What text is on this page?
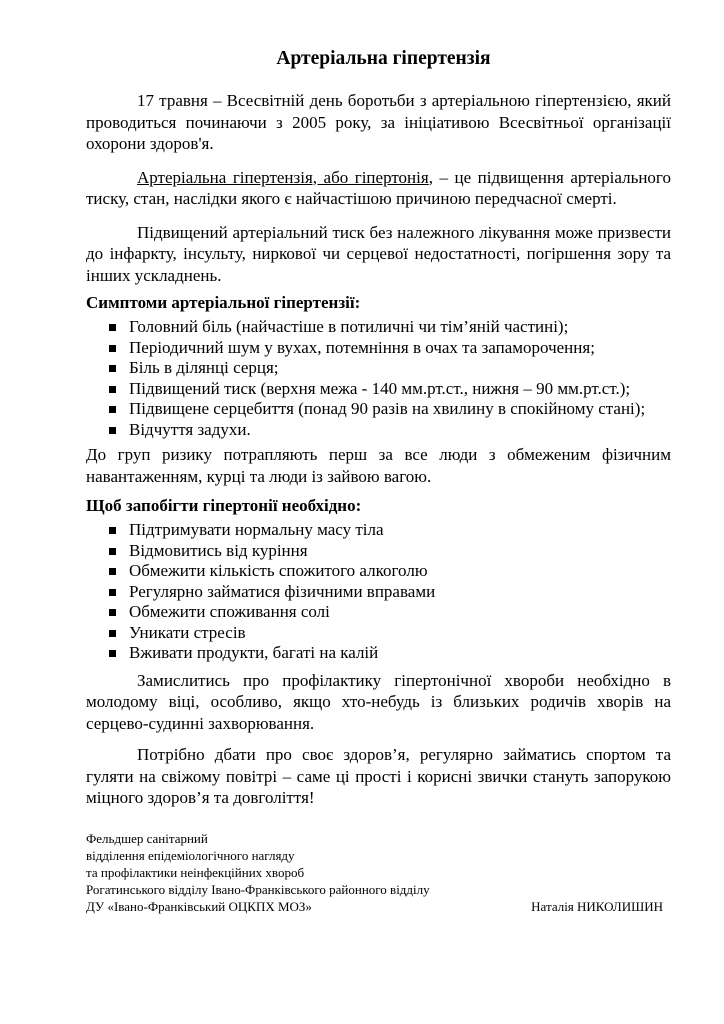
Артеріальна гіпертензія

17 травня – Всесвітній день боротьби з артеріальною гіпертензією, який проводиться починаючи з 2005 року, за ініціативою Всесвітньої організації охорони здоров'я.

Артеріальна гіпертензія, або гіпертонія, – це підвищення артеріального тиску, стан, наслідки якого є найчастішою причиною передчасної смерті.

Підвищений артеріальний тиск без належного лікування може призвести до інфаркту, інсульту, ниркової чи серцевої недостатності, погіршення зору та інших ускладнень.

Симптоми артеріальної гіпертензії:
Головний біль (найчастіше в потиличні чи тім’яній частині);
Періодичний шум у вухах, потемніння в очах та запаморочення;
Біль в ділянці серця;
Підвищений тиск (верхня межа - 140 мм.рт.ст., нижня – 90 мм.рт.ст.);
Підвищене серцебиття (понад 90 разів на хвилину в спокійному стані);
Відчуття задухи.

До груп ризику потрапляють перш за все люди з обмеженим фізичним навантаженням, курці та люди із зайвою вагою.

Щоб запобігти гіпертонії необхідно:
Підтримувати нормальну масу тіла
Відмовитись від куріння
Обмежити кількість спожитого алкоголю
Регулярно займатися фізичними вправами
Обмежити споживання солі
Уникати стресів
Вживати продукти, багаті на калій

Замислитись про профілактику гіпертонічної хвороби необхідно в молодому віці, особливо, якщо хто-небудь із близьких родичів хворів на серцево-судинні захворювання.

Потрібно дбати про своє здоров’я, регулярно займатись спортом та гуляти на свіжому повітрі – саме ці прості і корисні звички стануть запорукою міцного здоров’я та довголіття!

Фельдшер санітарний
відділення епідеміологічного нагляду
та профілактики неінфекційних хвороб
Рогатинського відділу Івано-Франківського районного відділу
ДУ «Івано-Франківський ОЦКПХ МОЗ»	Наталія НИКОЛИШИН
